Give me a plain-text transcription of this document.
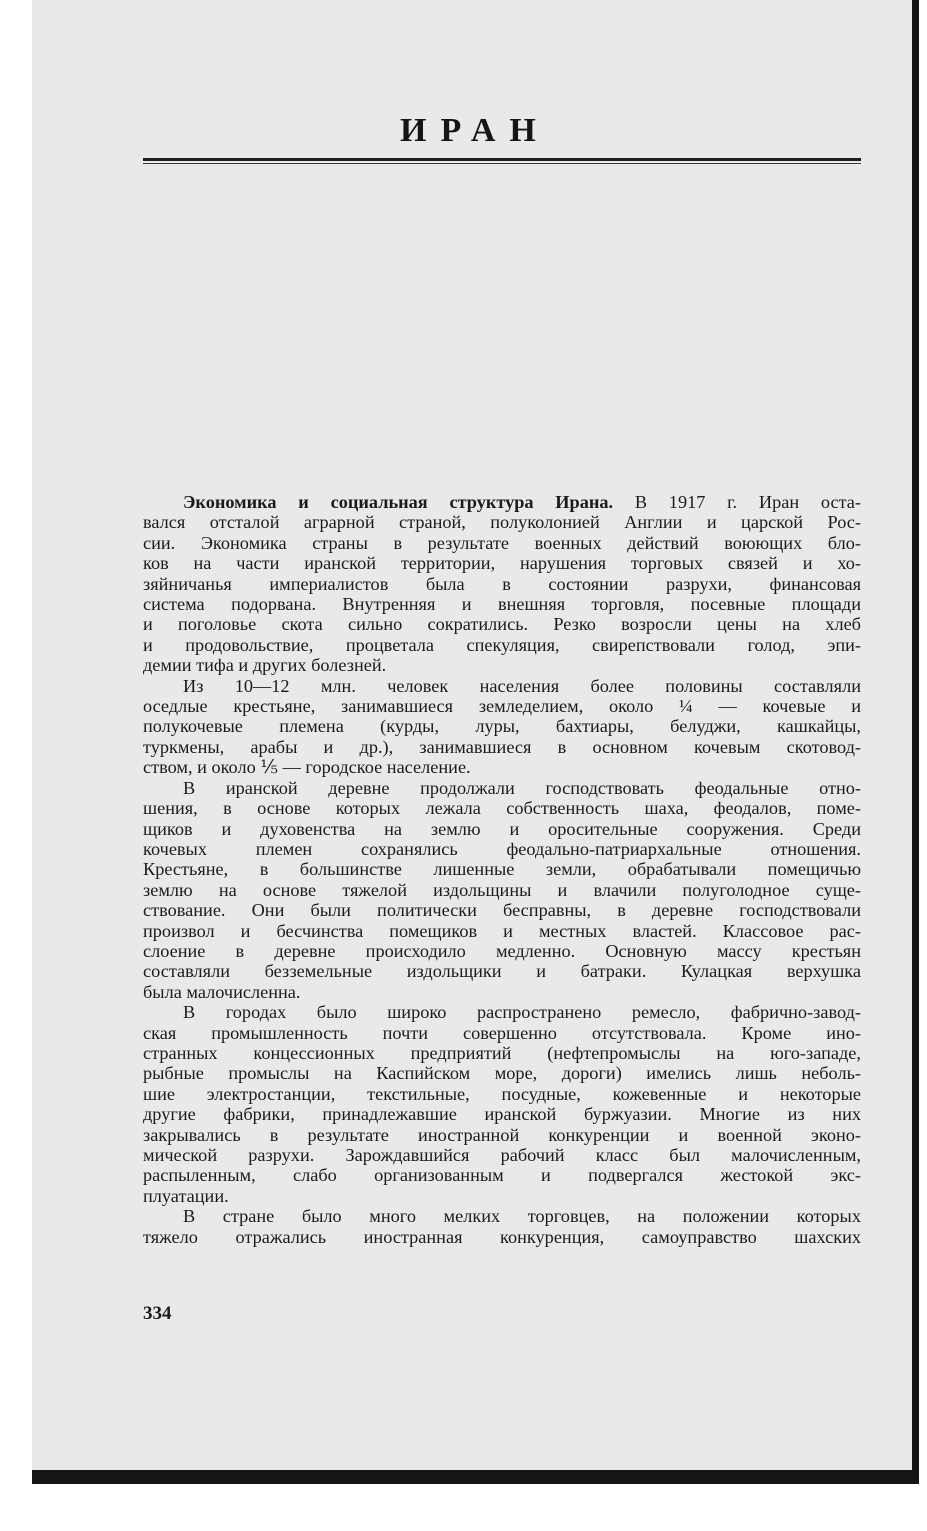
ИРАН
Экономика и социальная структура Ирана. В 1917 г. Иран оста-
вался отсталой аграрной страной, полуколонией Англии и царской Рос-
сии. Экономика страны в результате военных действий воюющих бло-
ков на части иранской территории, нарушения торговых связей и хо-
зяйничанья империалистов была в состоянии разрухи, финансовая
система подорвана. Внутренняя и внешняя торговля, посевные площади
и поголовье скота сильно сократились. Резко возросли цены на хлеб
и продовольствие, процветала спекуляция, свирепствовали голод, эпи-
демии тифа и других болезней.
Из 10—12 млн. человек населения более половины составляли
оседлые крестьяне, занимавшиеся земледелием, около ¼ — кочевые и
полукочевые племена (курды, луры, бахтиары, белуджи, кашкайцы,
туркмены, арабы и др.), занимавшиеся в основном кочевым скотовод-
ством, и около ⅕ — городское население.
В иранской деревне продолжали господствовать феодальные отно-
шения, в основе которых лежала собственность шаха, феодалов, поме-
щиков и духовенства на землю и оросительные сооружения. Среди
кочевых племен сохранялись феодально-патриархальные отношения.
Крестьяне, в большинстве лишенные земли, обрабатывали помещичью
землю на основе тяжелой издольщины и влачили полуголодное суще-
ствование. Они были политически бесправны, в деревне господствовали
произвол и бесчинства помещиков и местных властей. Классовое рас-
слоение в деревне происходило медленно. Основную массу крестьян
составляли безземельные издольщики и батраки. Кулацкая верхушка
была малочисленна.
В городах было широко распространено ремесло, фабрично-завод-
ская промышленность почти совершенно отсутствовала. Кроме ино-
странных концессионных предприятий (нефтепромыслы на юго-западе,
рыбные промыслы на Каспийском море, дороги) имелись лишь неболь-
шие электростанции, текстильные, посудные, кожевенные и некоторые
другие фабрики, принадлежавшие иранской буржуазии. Многие из них
закрывались в результате иностранной конкуренции и военной эконо-
мической разрухи. Зарождавшийся рабочий класс был малочисленным,
распыленным, слабо организованным и подвергался жестокой экс-
плуатации.
В стране было много мелких торговцев, на положении которых
тяжело отражались иностранная конкуренция, самоуправство шахских
334
